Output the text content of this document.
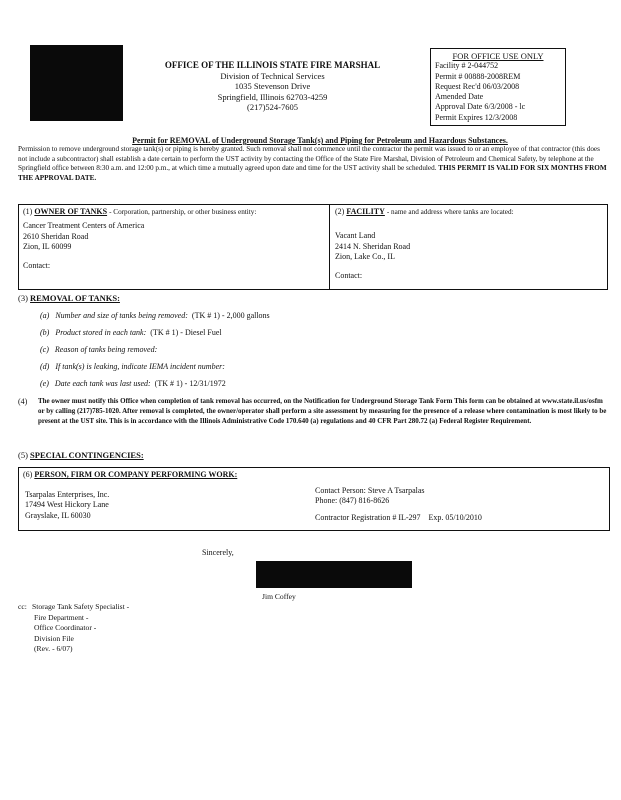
OFFICE OF THE ILLINOIS STATE FIRE MARSHAL
Division of Technical Services
1035 Stevenson Drive
Springfield, Illinois 62703-4259
(217)524-7605
FOR OFFICE USE ONLY
Facility # 2-044752
Permit # 00888-2008REM
Request Rec'd 06/03/2008
Amended Date
Approval Date 6/3/2008 - lc
Permit Expires 12/3/2008
Permit for REMOVAL of Underground Storage Tank(s) and Piping for Petroleum and Hazardous Substances.
Permission to remove underground storage tank(s) or piping is hereby granted. Such removal shall not commence until the contractor the permit was issued to or an employee of that contractor (this does not include a subcontractor) shall establish a date certain to perform the UST activity by contacting the Office of the State Fire Marshal, Division of Petroleum and Chemical Safety, by telephone at the Springfield office between 8:30 a.m. and 12:00 p.m., at which time a mutually agreed upon date and time for the UST activity shall be scheduled. THIS PERMIT IS VALID FOR SIX MONTHS FROM THE APPROVAL DATE.
(1) OWNER OF TANKS - Corporation, partnership, or other business entity:
Cancer Treatment Centers of America
2610 Sheridan Road
Zion, IL 60099
Contact:
(2) FACILITY - name and address where tanks are located:
Vacant Land
2414 N. Sheridan Road
Zion, Lake Co., IL
Contact:
(3) REMOVAL OF TANKS:
(a) Number and size of tanks being removed: (TK # 1) - 2,000 gallons
(b) Product stored in each tank: (TK # 1) - Diesel Fuel
(c) Reason of tanks being removed:
(d) If tank(s) is leaking, indicate IEMA incident number:
(e) Date each tank was last used: (TK # 1) - 12/31/1972
(4) The owner must notify this Office when completion of tank removal has occurred, on the Notification for Underground Storage Tank Form This form can be obtained at www.state.il.us/osfm or by calling (217)785-1020. After removal is completed, the owner/operator shall perform a site assessment by measuring for the presence of a release where contamination is most likely to be present at the UST site. This is in accordance with the Illinois Administrative Code 170.640 (a) regulations and 40 CFR Part 280.72 (a) Federal Register Requirement.
(5) SPECIAL CONTINGENCIES:
(6) PERSON, FIRM OR COMPANY PERFORMING WORK:
Tsarpalas Enterprises, Inc.
17494 West Hickory Lane
Grayslake, IL 60030
Contact Person: Steve A Tsarpalas
Phone: (847) 816-8626
Contractor Registration # IL-297 Exp. 05/10/2010
Sincerely,
Jim Coffey
cc: Storage Tank Safety Specialist -
Fire Department -
Office Coordinator -
Division File
(Rev. - 6/07)
